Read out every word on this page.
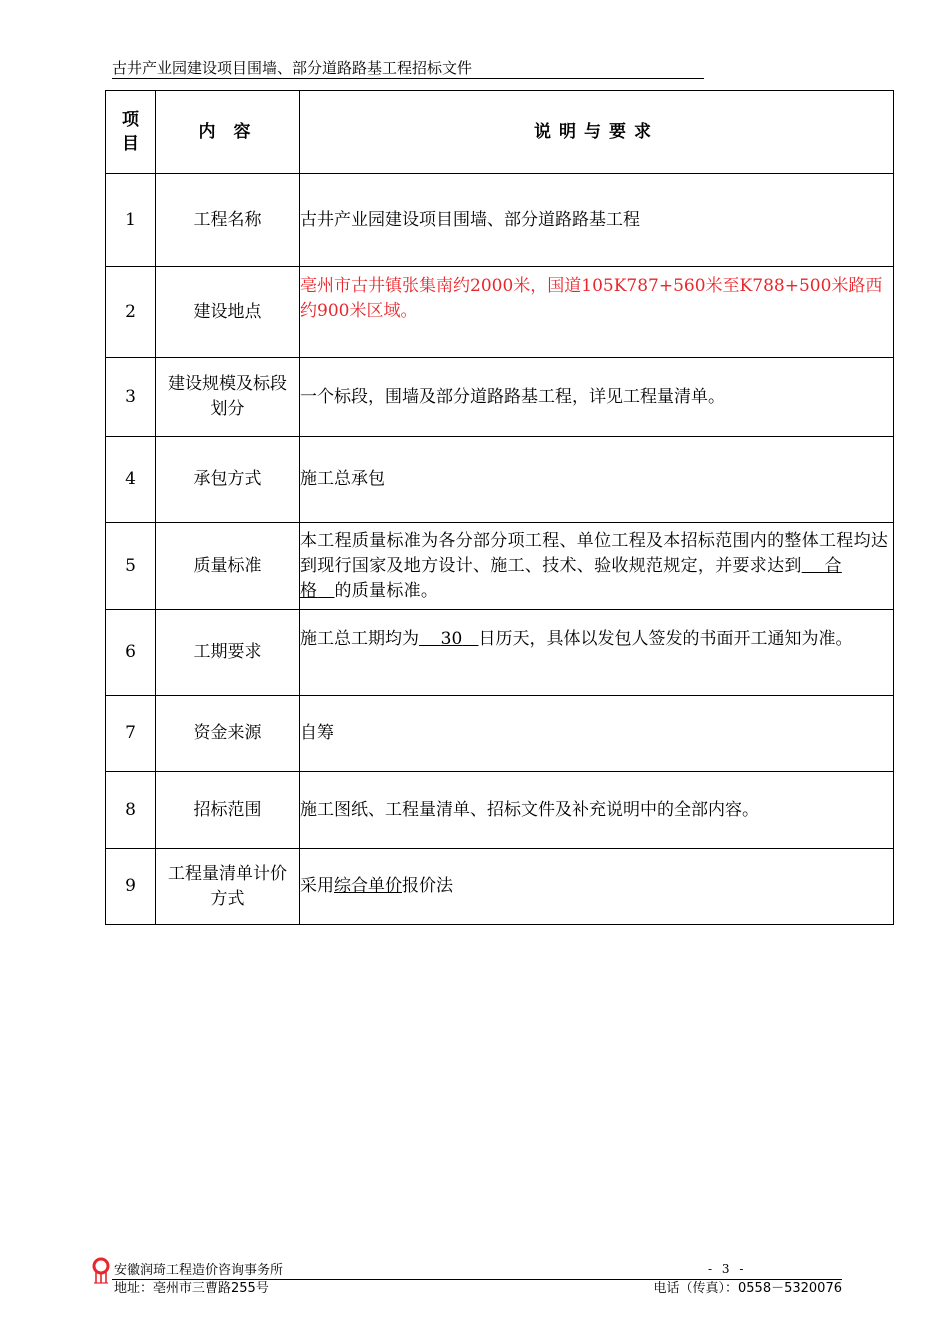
古井产业园建设项目围墙、部分道路路基工程招标文件
项目	内 容	说明与要求
1	工程名称	古井产业园建设项目围墙、部分道路路基工程
2	建设地点	亳州市古井镇张集南约2000米，国道105K787+560米至K788+500米路西约900米区域。
3	建设规模及标段划分	一个标段，围墙及部分道路路基工程，详见工程量清单。
4	承包方式	施工总承包
5	质量标准	本工程质量标准为各分部分项工程、单位工程及本招标范围内的整体工程均达到现行国家及地方设计、施工、技术、验收规范规定，并要求达到 合格 的质量标准。
6	工期要求	施工总工期均为 30 日历天，具体以发包人签发的书面开工通知为准。
7	资金来源	自筹
8	招标范围	施工图纸、工程量清单、招标文件及补充说明中的全部内容。
9	工程量清单计价方式	采用综合单价报价法
安徽润琦工程造价咨询事务所	- 3 -
地址：亳州市三曹路255号	电话（传真）：0558－5320076
